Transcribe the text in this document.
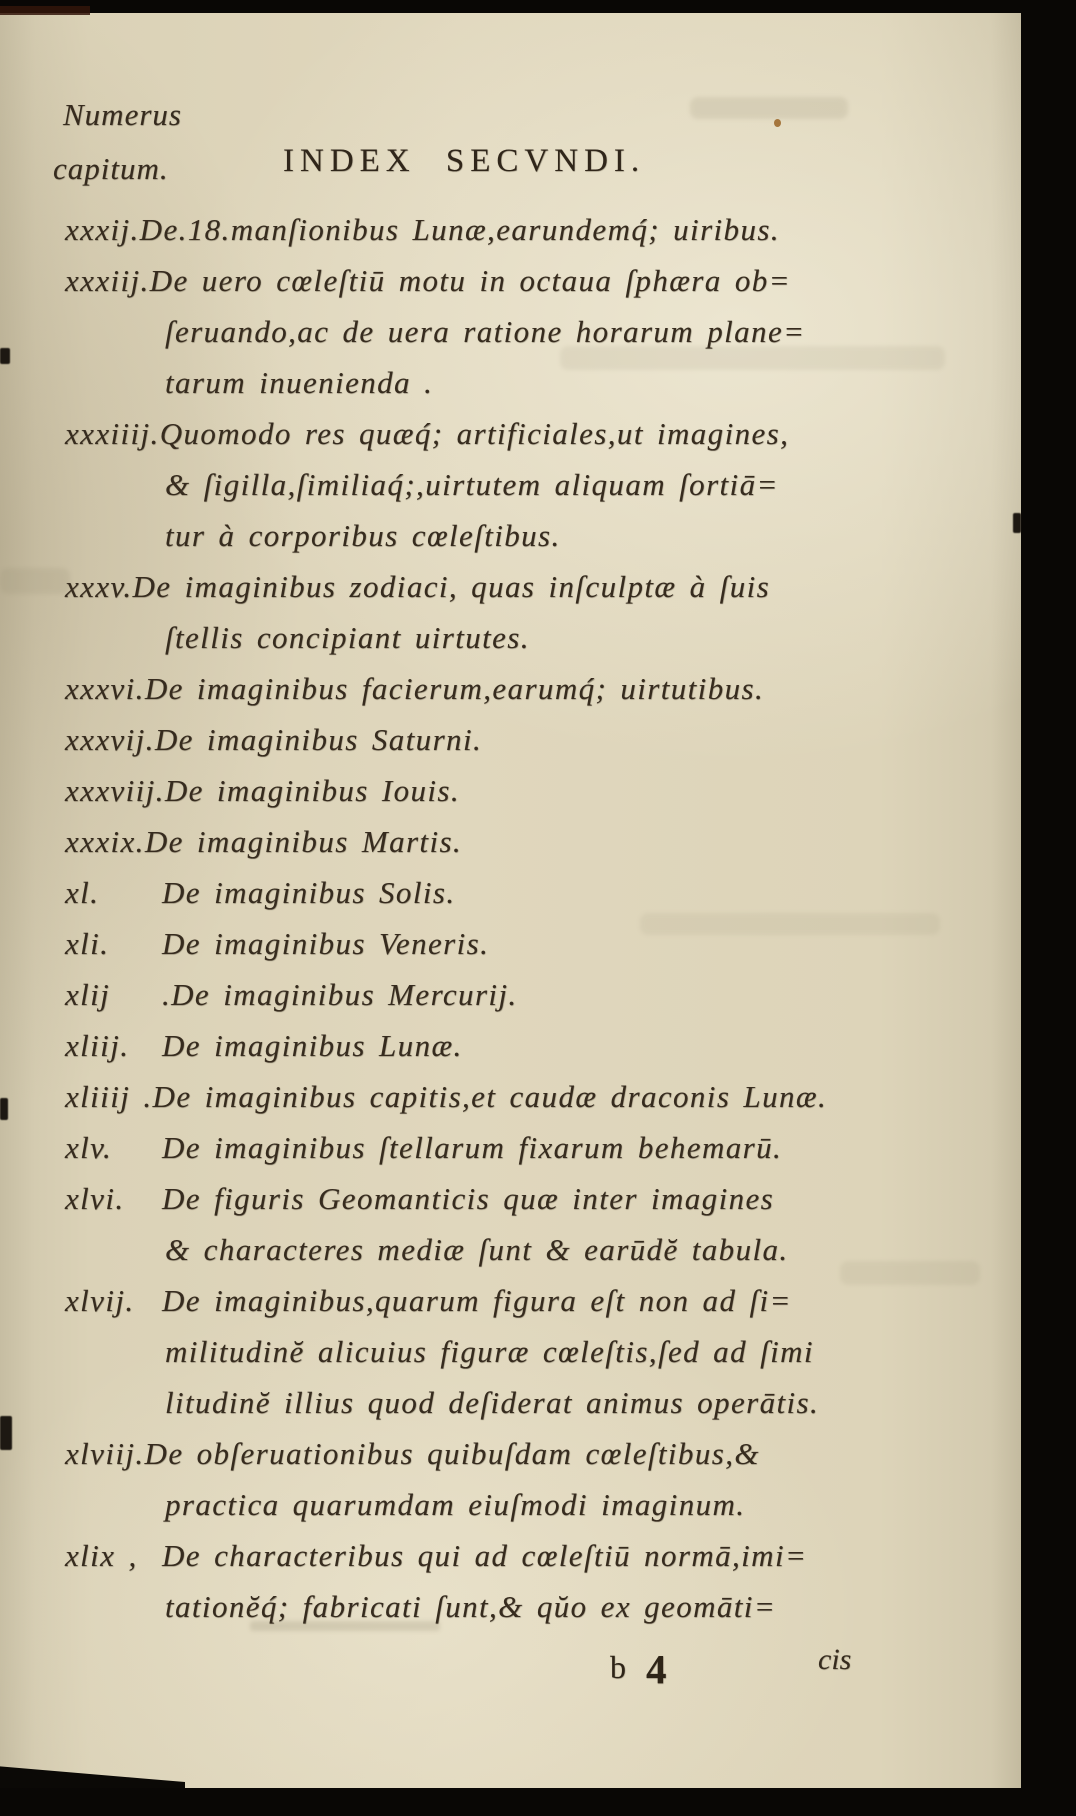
Numerus
capitum.	INDEX SECVNDI.
xxxij.De.18.manſionibus Lunæ,earundemq́; uiribus.
xxxiij.De uero cœleſtiū motu in octaua ſphæra ob=
ſeruando,ac de uera ratione horarum plane=
tarum inuenienda .
xxxiiij.Quomodo res quæq́; artificiales,ut imagines,
& ſigilla,ſimiliaq́;,uirtutem aliquam ſortiā=
tur à corporibus cœleſtibus.
xxxv.De imaginibus zodiaci, quas inſculptæ à ſuis
ſtellis concipiant uirtutes.
xxxvi.De imaginibus facierum,earumq́; uirtutibus.
xxxvij.De imaginibus Saturni.
xxxviij.De imaginibus Iouis.
xxxix.De imaginibus Martis.
xl. De imaginibus Solis.
xli. De imaginibus Veneris.
xlij .De imaginibus Mercurij.
xliij. De imaginibus Lunæ.
xliiij .De imaginibus capitis,et caudæ draconis Lunæ.
xlv. De imaginibus ſtellarum fixarum behemarū.
xlvi. De figuris Geomanticis quæ inter imagines
& characteres mediæ ſunt & earūdĕ tabula.
xlvij. De imaginibus,quarum figura eſt non ad ſi=
militudinĕ alicuius figuræ cœleſtis,ſed ad ſimi
litudinĕ illius quod deſiderat animus operātis.
xlviij.De obſeruationibus quibuſdam cœleſtibus,&
practica quarumdam eiuſmodi imaginum.
xlix , De characteribus qui ad cœleſtiū normā,imi=
tationĕq́; fabricati ſunt,& qŭo ex geomāti=
b 4	cis
